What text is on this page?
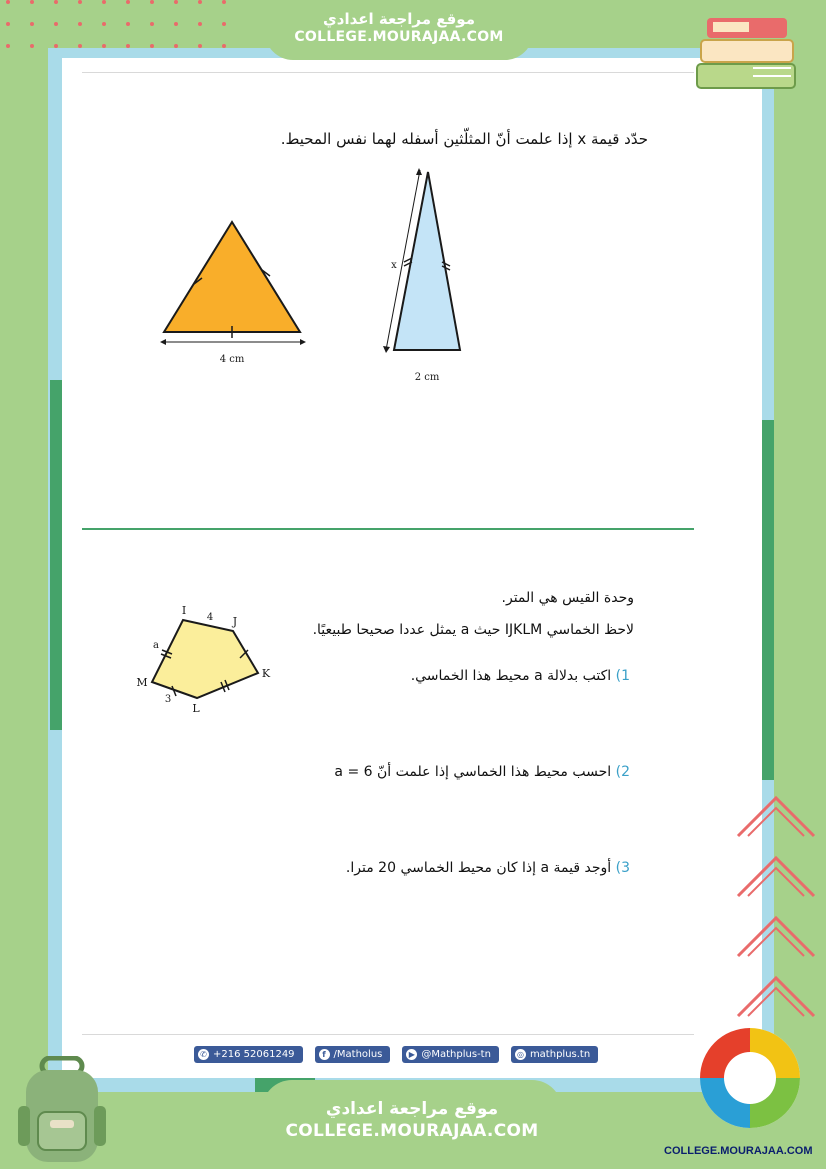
موقع مراجعة اعدادي
COLLEGE.MOURAJAA.COM
حدّد قيمة x إذا علمت أنّ المثلّثين أسفله لهما نفس المحيط.
4 cm
x
2 cm
وحدة القيس هي المتر.
لاحظ الخماسي IJKLM حيث a يمثل عددا صحيحا طبيعيًا.
I
J
K
L
M
4
a
3
1) اكتب بدلالة a محيط هذا الخماسي.
2) احسب محيط هذا الخماسي إذا علمت أنّ 6 = a
3) أوجد قيمة a إذا كان محيط الخماسي 20 مترا.
✆ +216 52061249	f /Matholus	▶ @Mathplus-tn	◎ mathplus.tn
موقع مراجعة اعدادي
COLLEGE.MOURAJAA.COM
COLLEGE.MOURAJAA.COM
